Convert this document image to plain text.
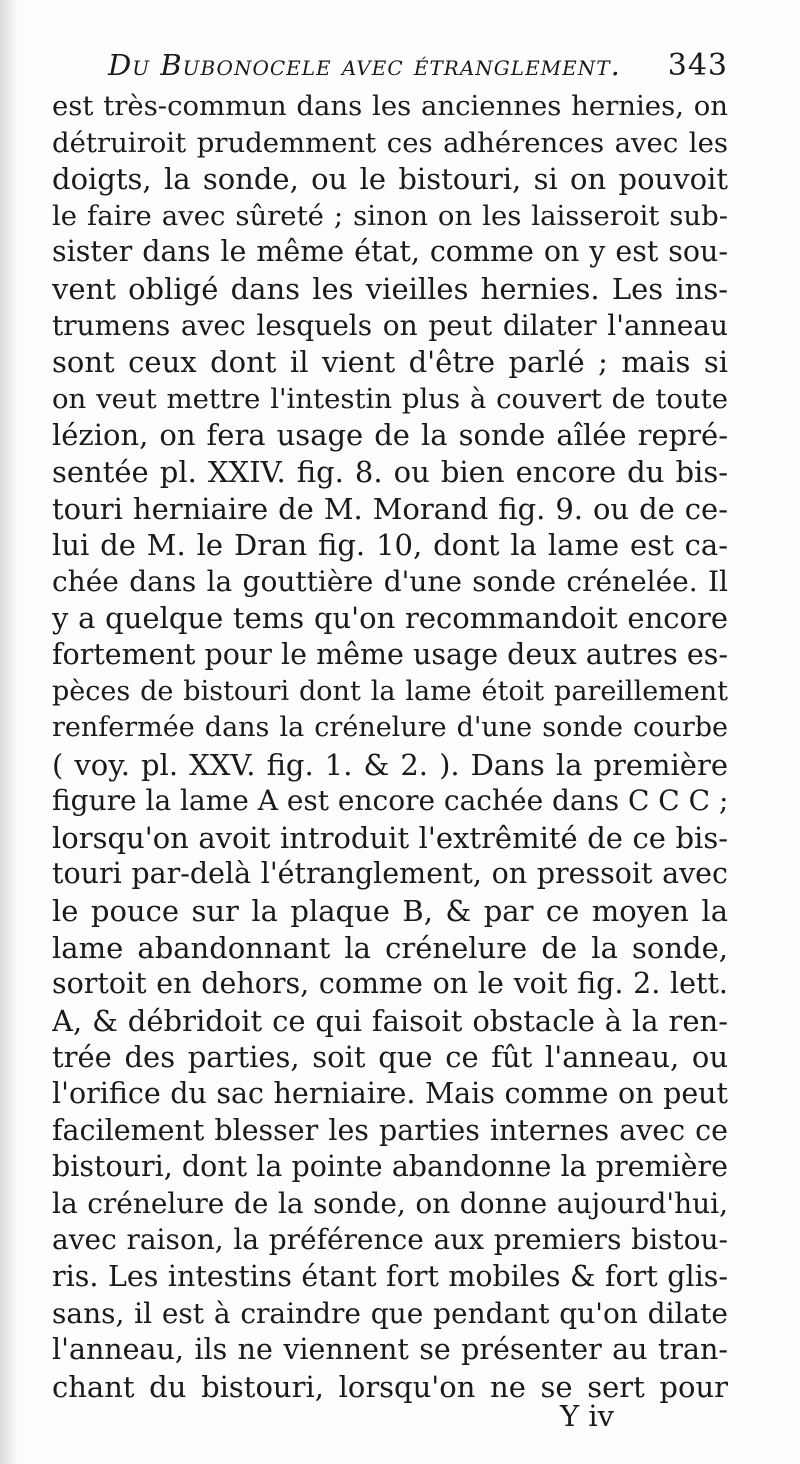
Du Bubonocele avec étranglement. 343
est très-commun dans les anciennes hernies, on
détruiroit prudemment ces adhérences avec les
doigts, la sonde, ou le bistouri, si on pouvoit
le faire avec sûreté ; sinon on les laisseroit sub-
sister dans le même état, comme on y est sou-
vent obligé dans les vieilles hernies. Les ins-
trumens avec lesquels on peut dilater l'anneau
sont ceux dont il vient d'être parlé ; mais si
on veut mettre l'intestin plus à couvert de toute
lézion, on fera usage de la sonde aîlée repré-
sentée pl. XXIV. fig. 8. ou bien encore du bis-
touri herniaire de M. Morand fig. 9. ou de ce-
lui de M. le Dran fig. 10, dont la lame est ca-
chée dans la gouttière d'une sonde crénelée. Il
y a quelque tems qu'on recommandoit encore
fortement pour le même usage deux autres es-
pèces de bistouri dont la lame étoit pareillement
renfermée dans la crénelure d'une sonde courbe
( voy. pl. XXV. fig. 1. & 2. ). Dans la première
figure la lame A est encore cachée dans C C C ;
lorsqu'on avoit introduit l'extrêmité de ce bis-
touri par-delà l'étranglement, on pressoit avec
le pouce sur la plaque B, & par ce moyen la
lame abandonnant la crénelure de la sonde,
sortoit en dehors, comme on le voit fig. 2. lett.
A, & débridoit ce qui faisoit obstacle à la ren-
trée des parties, soit que ce fût l'anneau, ou
l'orifice du sac herniaire. Mais comme on peut
facilement blesser les parties internes avec ce
bistouri, dont la pointe abandonne la première
la crénelure de la sonde, on donne aujourd'hui,
avec raison, la préférence aux premiers bistou-
ris. Les intestins étant fort mobiles & fort glis-
sans, il est à craindre que pendant qu'on dilate
l'anneau, ils ne viennent se présenter au tran-
chant du bistouri, lorsqu'on ne se sert pour
Y iv
